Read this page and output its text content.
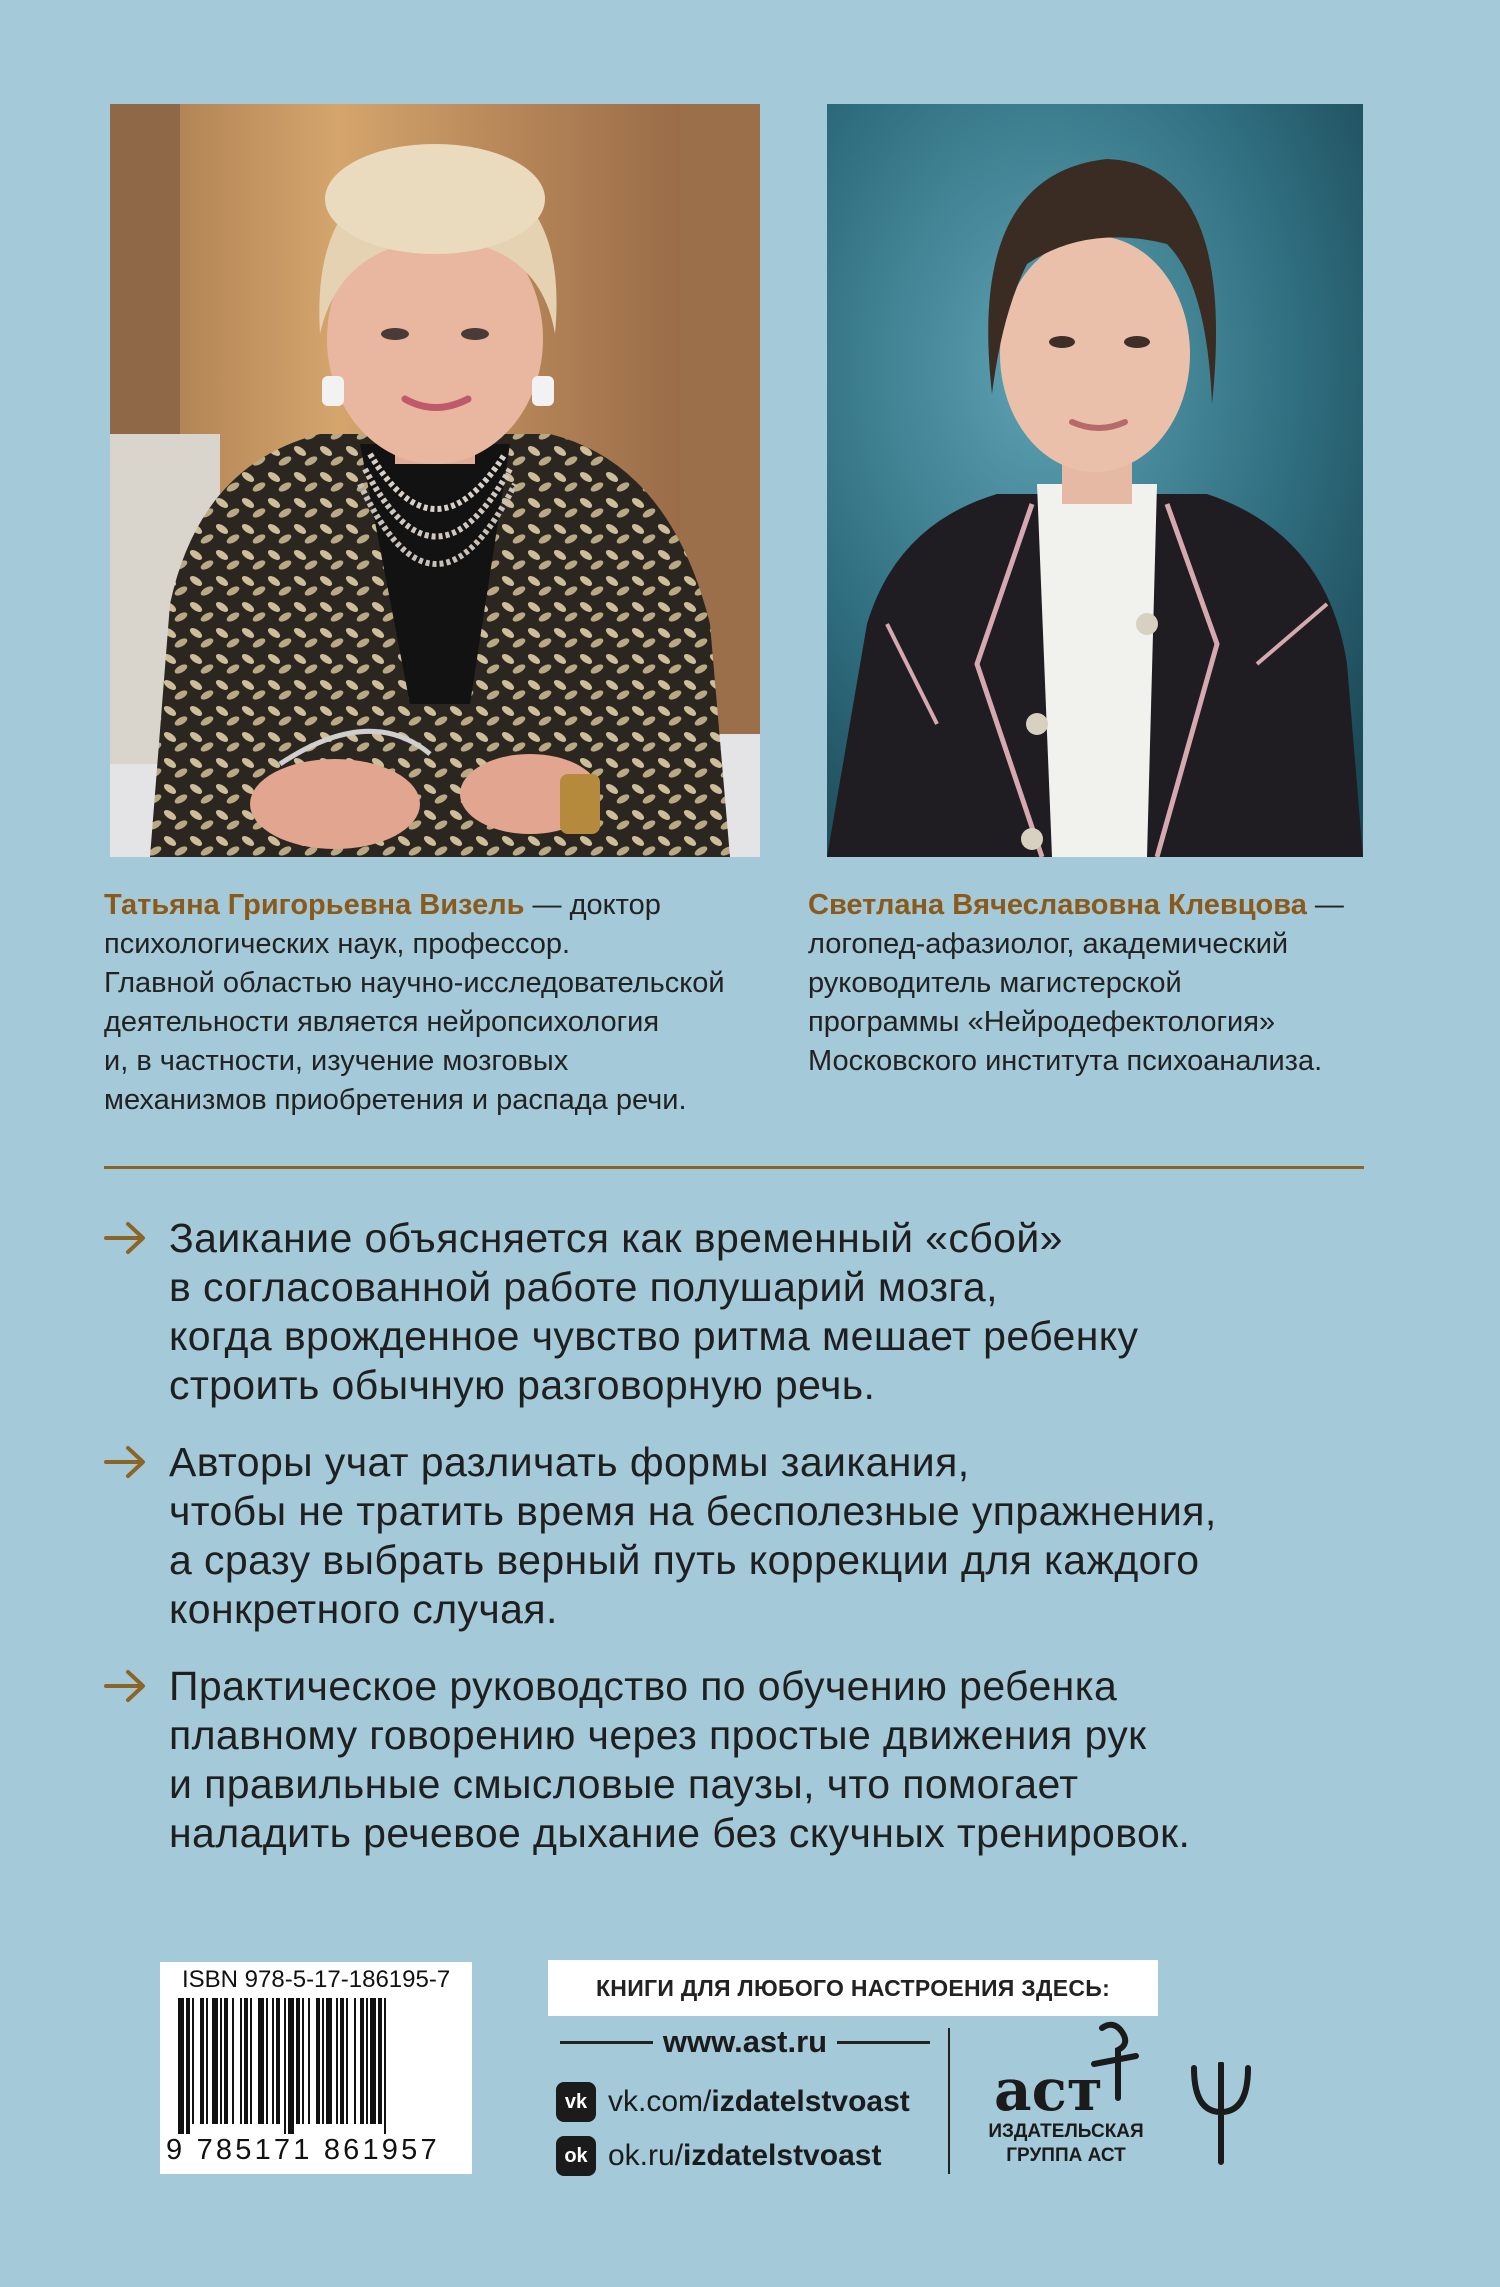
Татьяна Григорьевна Визель — доктор
психологических наук, профессор.
Главной областью научно-исследовательской
деятельности является нейропсихология
и, в частности, изучение мозговых
механизмов приобретения и распада речи.

Светлана Вячеславовна Клевцова —
логопед-афазиолог, академический
руководитель магистерской
программы «Нейродефектология»
Московского института психоанализа.

Заикание объясняется как временный «сбой»
в согласованной работе полушарий мозга,
когда врожденное чувство ритма мешает ребенку
строить обычную разговорную речь.

Авторы учат различать формы заикания,
чтобы не тратить время на бесполезные упражнения,
а сразу выбрать верный путь коррекции для каждого
конкретного случая.

Практическое руководство по обучению ребенка
плавному говорению через простые движения рук
и правильные смысловые паузы, что помогает
наладить речевое дыхание без скучных тренировок.

ISBN 978-5-17-186195-7
9 785171 861957
КНИГИ ДЛЯ ЛЮБОГО НАСТРОЕНИЯ ЗДЕСЬ:
www.ast.ru
vk vk.com/ izdatelstvoast
ok ok.ru/ izdatelstvoast
аст
ИЗДАТЕЛЬСКАЯ
ГРУППА АСТ
